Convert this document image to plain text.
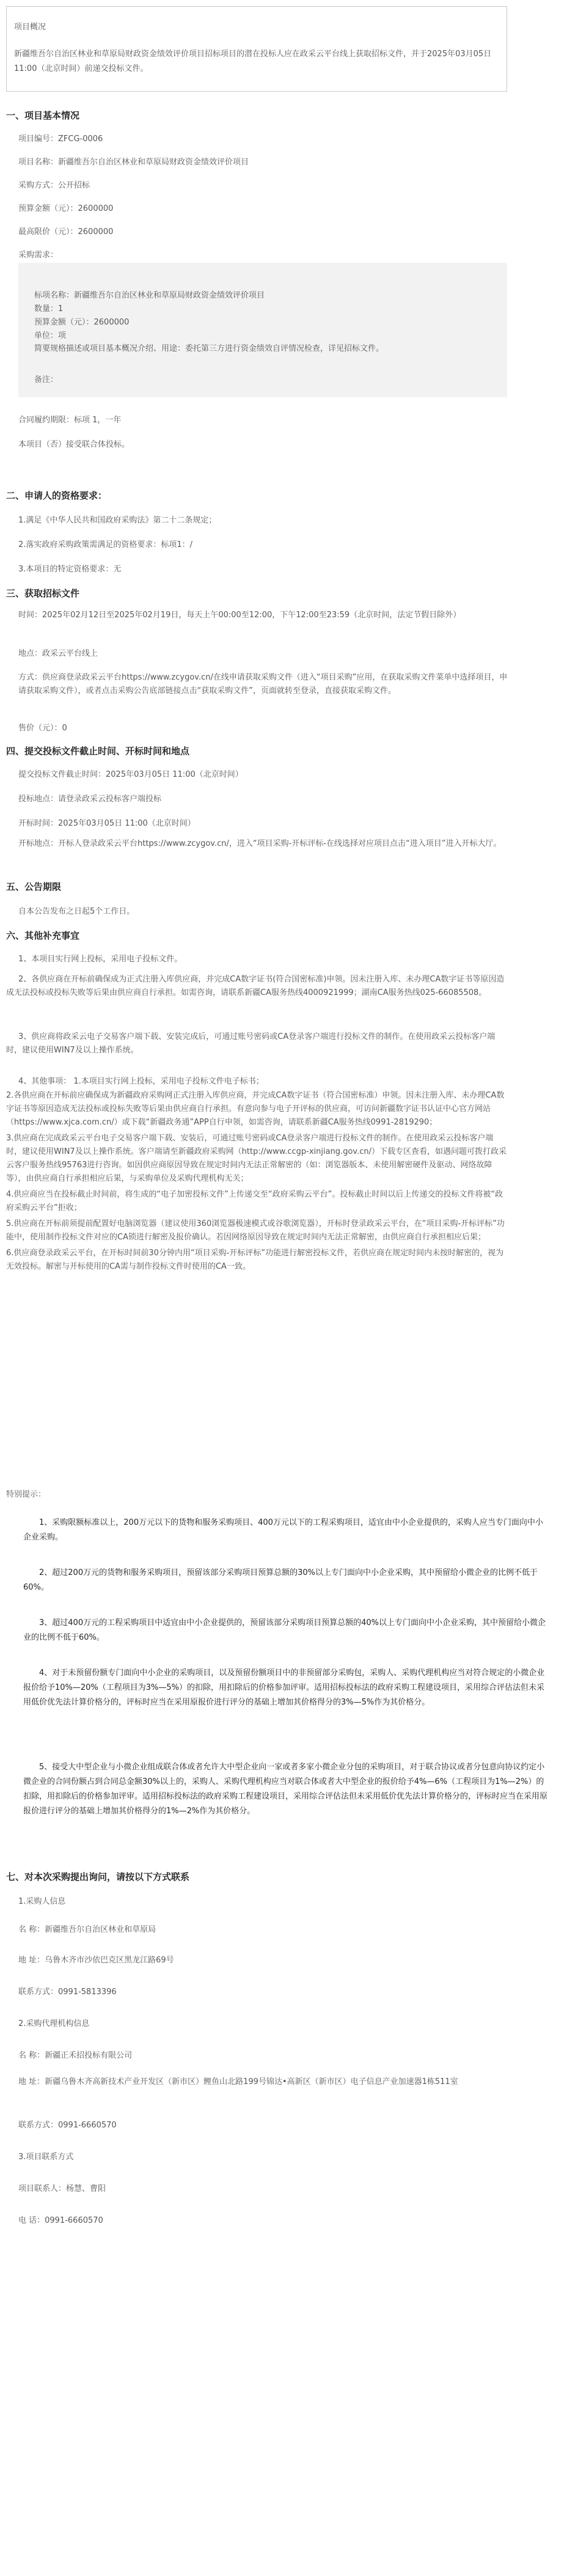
项目概况
新疆维吾尔自治区林业和草原局财政资金绩效评价项目招标项目的潜在投标人应在政采云平台线上获取招标文件，并于2025年03月05日 11:00（北京时间）前递交投标文件。
一、项目基本情况
项目编号：ZFCG-0006
项目名称：新疆维吾尔自治区林业和草原局财政资金绩效评价项目
采购方式：公开招标
预算金额（元）：2600000
最高限价（元）：2600000
采购需求：
标项名称：新疆维吾尔自治区林业和草原局财政资金绩效评价项目
数量：1
预算金额（元）：2600000
单位：项
简要规格描述或项目基本概况介绍、用途：委托第三方进行资金绩效自评情况检查，详见招标文件。
备注：
合同履约期限：标项 1，一年
本项目（否）接受联合体投标。
二、申请人的资格要求：
1.满足《中华人民共和国政府采购法》第二十二条规定；
2.落实政府采购政策需满足的资格要求：标项1：/
3.本项目的特定资格要求：无
三、获取招标文件
时间：2025年02月12日至2025年02月19日，每天上午00:00至12:00，下午12:00至23:59（北京时间，法定节假日除外）
地点：政采云平台线上
方式：供应商登录政采云平台https://www.zcygov.cn/在线申请获取采购文件（进入“项目采购”应用，在获取采购文件菜单中选择项目，申请获取采购文件），或者点击采购公告底部链接点击“获取采购文件”，页面就转至登录，直接获取采购文件。
售价（元）：0
四、提交投标文件截止时间、开标时间和地点
提交投标文件截止时间：2025年03月05日 11:00（北京时间）
投标地点：请登录政采云投标客户端投标
开标时间：2025年03月05日 11:00（北京时间）
开标地点：开标人登录政采云平台https://www.zcygov.cn/，进入“项目采购-开标评标-在线选择对应项目点击“进入项目”进入开标大厅。
五、公告期限
自本公告发布之日起5个工作日。
六、其他补充事宜
1、本项目实行网上投标，采用电子投标文件。
2、各供应商在开标前确保成为正式注册入库供应商，并完成CA数字证书(符合国密标准)申领。因未注册入库、未办理CA数字证书等原因造成无法投标或投标失败等后果由供应商自行承担。如需咨询，请联系新疆CA服务热线4000921999；湖南CA服务热线025-66085508。
3、供应商将政采云电子交易客户端下载、安装完成后，可通过账号密码或CA登录客户端进行投标文件的制作。在使用政采云投标客户端时，建议使用WIN7及以上操作系统。
4、其他事项： 1.本项目实行网上投标，采用电子投标文件电子标书；
2.各供应商在开标前应确保成为新疆政府采购网正式注册入库供应商，并完成CA数字证书（符合国密标准）申领。因未注册入库、未办理CA数字证书等原因造成无法投标或投标失败等后果由供应商自行承担。有意向参与电子开评标的供应商，可访问新疆数字证书认证中心官方网站（https://www.xjca.com.cn/）或下载“新疆政务通”APP自行申领，如需咨询，请联系新疆CA服务热线0991-2819290；
3.供应商在完成政采云平台电子交易客户端下载、安装后，可通过账号密码或CA登录客户端进行投标文件的制作。在使用政采云投标客户端时，建议使用WIN7及以上操作系统。客户端请至新疆政府采购网（http://www.ccgp-xinjiang.gov.cn/）下载专区查看，如遇问题可拨打政采云客户服务热线95763进行咨询。如因供应商原因导致在规定时间内无法正常解密的（如：浏览器版本、未使用解密硬件及驱动、网络故障等），由供应商自行承担相应后果，与采购单位及采购代理机构无关；
4.供应商应当在投标截止时间前，将生成的“电子加密投标文件”上传递交至“政府采购云平台”。投标截止时间以后上传递交的投标文件将被“政府采购云平台”拒收；
5.供应商在开标前须提前配置好电脑浏览器（建议使用360浏览器极速模式或谷歌浏览器），开标时登录政采云平台，在“项目采购-开标评标”功能中，使用制作投标文件对应的CA锁进行解密及报价确认。若因网络原因导致在规定时间内无法正常解密，由供应商自行承担相应后果；
6.供应商登录政采云平台，在开标时间前30分钟内用“项目采购-开标评标”功能进行解密投标文件，若供应商在规定时间内未按时解密的，视为无效投标。解密与开标使用的CA需与制作投标文件时使用的CA一致。
特别提示：
1、采购限额标准以上，200万元以下的货物和服务采购项目、400万元以下的工程采购项目，适宜由中小企业提供的，采购人应当专门面向中小企业采购。
2、超过200万元的货物和服务采购项目，预留该部分采购项目预算总额的30%以上专门面向中小企业采购，其中预留给小微企业的比例不低于60%。
3、超过400万元的工程采购项目中适宜由中小企业提供的，预留该部分采购项目预算总额的40%以上专门面向中小企业采购，其中预留给小微企业的比例不低于60%。
4、对于未预留份额专门面向中小企业的采购项目，以及预留份额项目中的非预留部分采购包，采购人、采购代理机构应当对符合规定的小微企业报价给予10%—20%（工程项目为3%—5%）的扣除，用扣除后的价格参加评审。适用招标投标法的政府采购工程建设项目，采用综合评估法但未采用低价优先法计算价格分的，评标时应当在采用原报价进行评分的基础上增加其价格得分的3%—5%作为其价格分。
5、接受大中型企业与小微企业组成联合体或者允许大中型企业向一家或者多家小微企业分包的采购项目，对于联合协议或者分包意向协议约定小微企业的合同份额占到合同总金额30%以上的，采购人、采购代理机构应当对联合体或者大中型企业的报价给予4%—6%（工程项目为1%—2%）的扣除，用扣除后的价格参加评审。适用招标投标法的政府采购工程建设项目，采用综合评估法但未采用低价优先法计算价格分的，评标时应当在采用原报价进行评分的基础上增加其价格得分的1%—2%作为其价格分。
七、对本次采购提出询问，请按以下方式联系
1.采购人信息
名 称：新疆维吾尔自治区林业和草原局
地 址：乌鲁木齐市沙依巴克区黑龙江路69号
联系方式：0991-5813396
2.采购代理机构信息
名 称：新疆正禾招投标有限公司
地 址：新疆乌鲁木齐高新技术产业开发区（新市区）鲤鱼山北路199号锦达•高新区（新市区）电子信息产业加速器1栋511室
联系方式：0991-6660570
3.项目联系方式
项目联系人：杨慧、曹阳
电 话：0991-6660570
